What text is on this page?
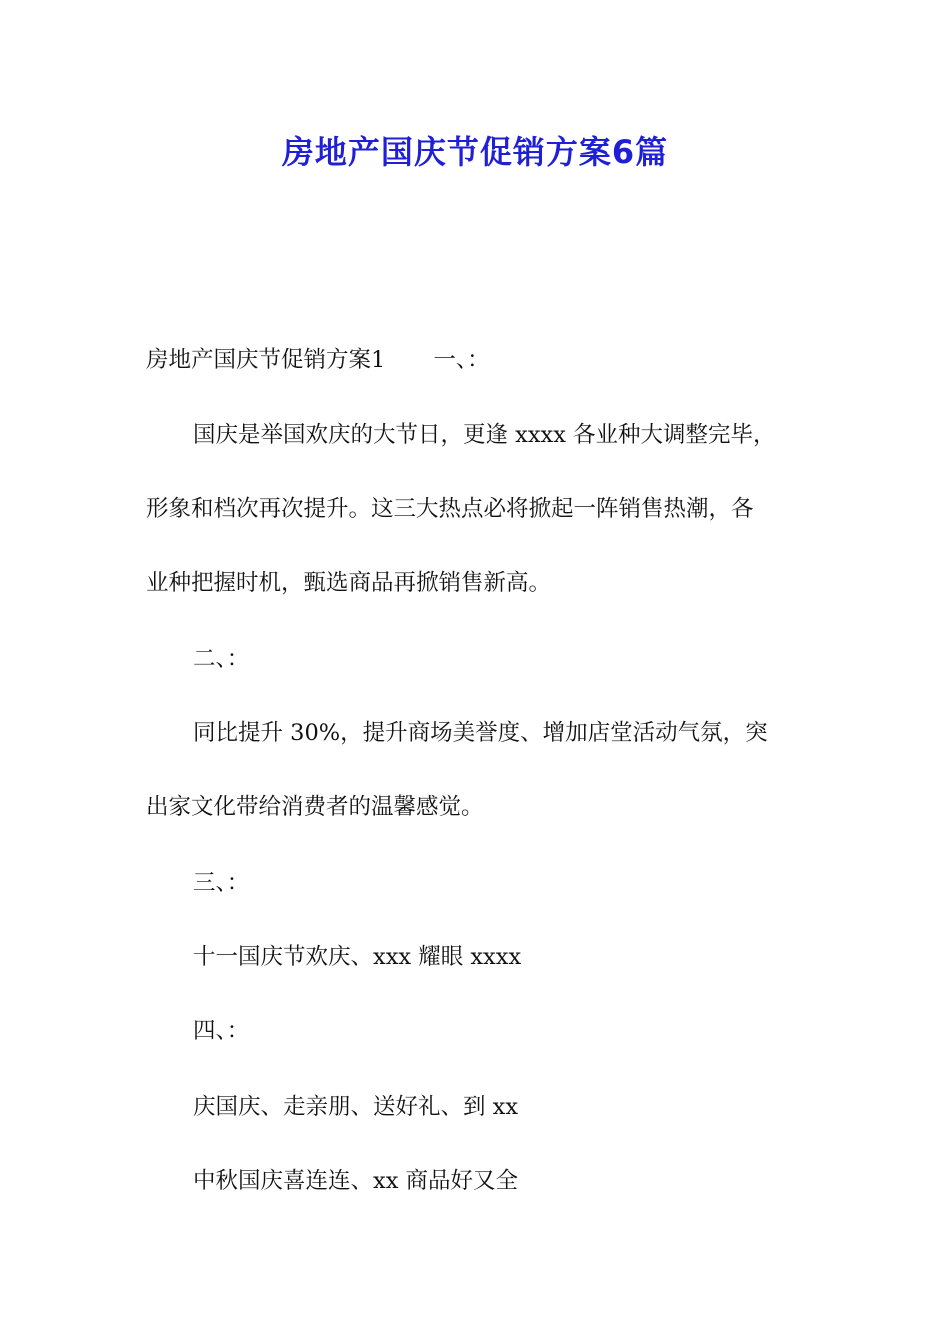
房地产国庆节促销方案6篇

房地产国庆节促销方案1 一、：

国庆是举国欢庆的大节日，更逢 xxxx 各业种大调整完毕，

形象和档次再次提升。这三大热点必将掀起一阵销售热潮，各

业种把握时机，甄选商品再掀销售新高。

二、：

同比提升 30%，提升商场美誉度、增加店堂活动气氛，突

出家文化带给消费者的温馨感觉。

三、：

十一国庆节欢庆、xxx 耀眼 xxxx

四、：

庆国庆、走亲朋、送好礼、到 xx

中秋国庆喜连连、xx 商品好又全
